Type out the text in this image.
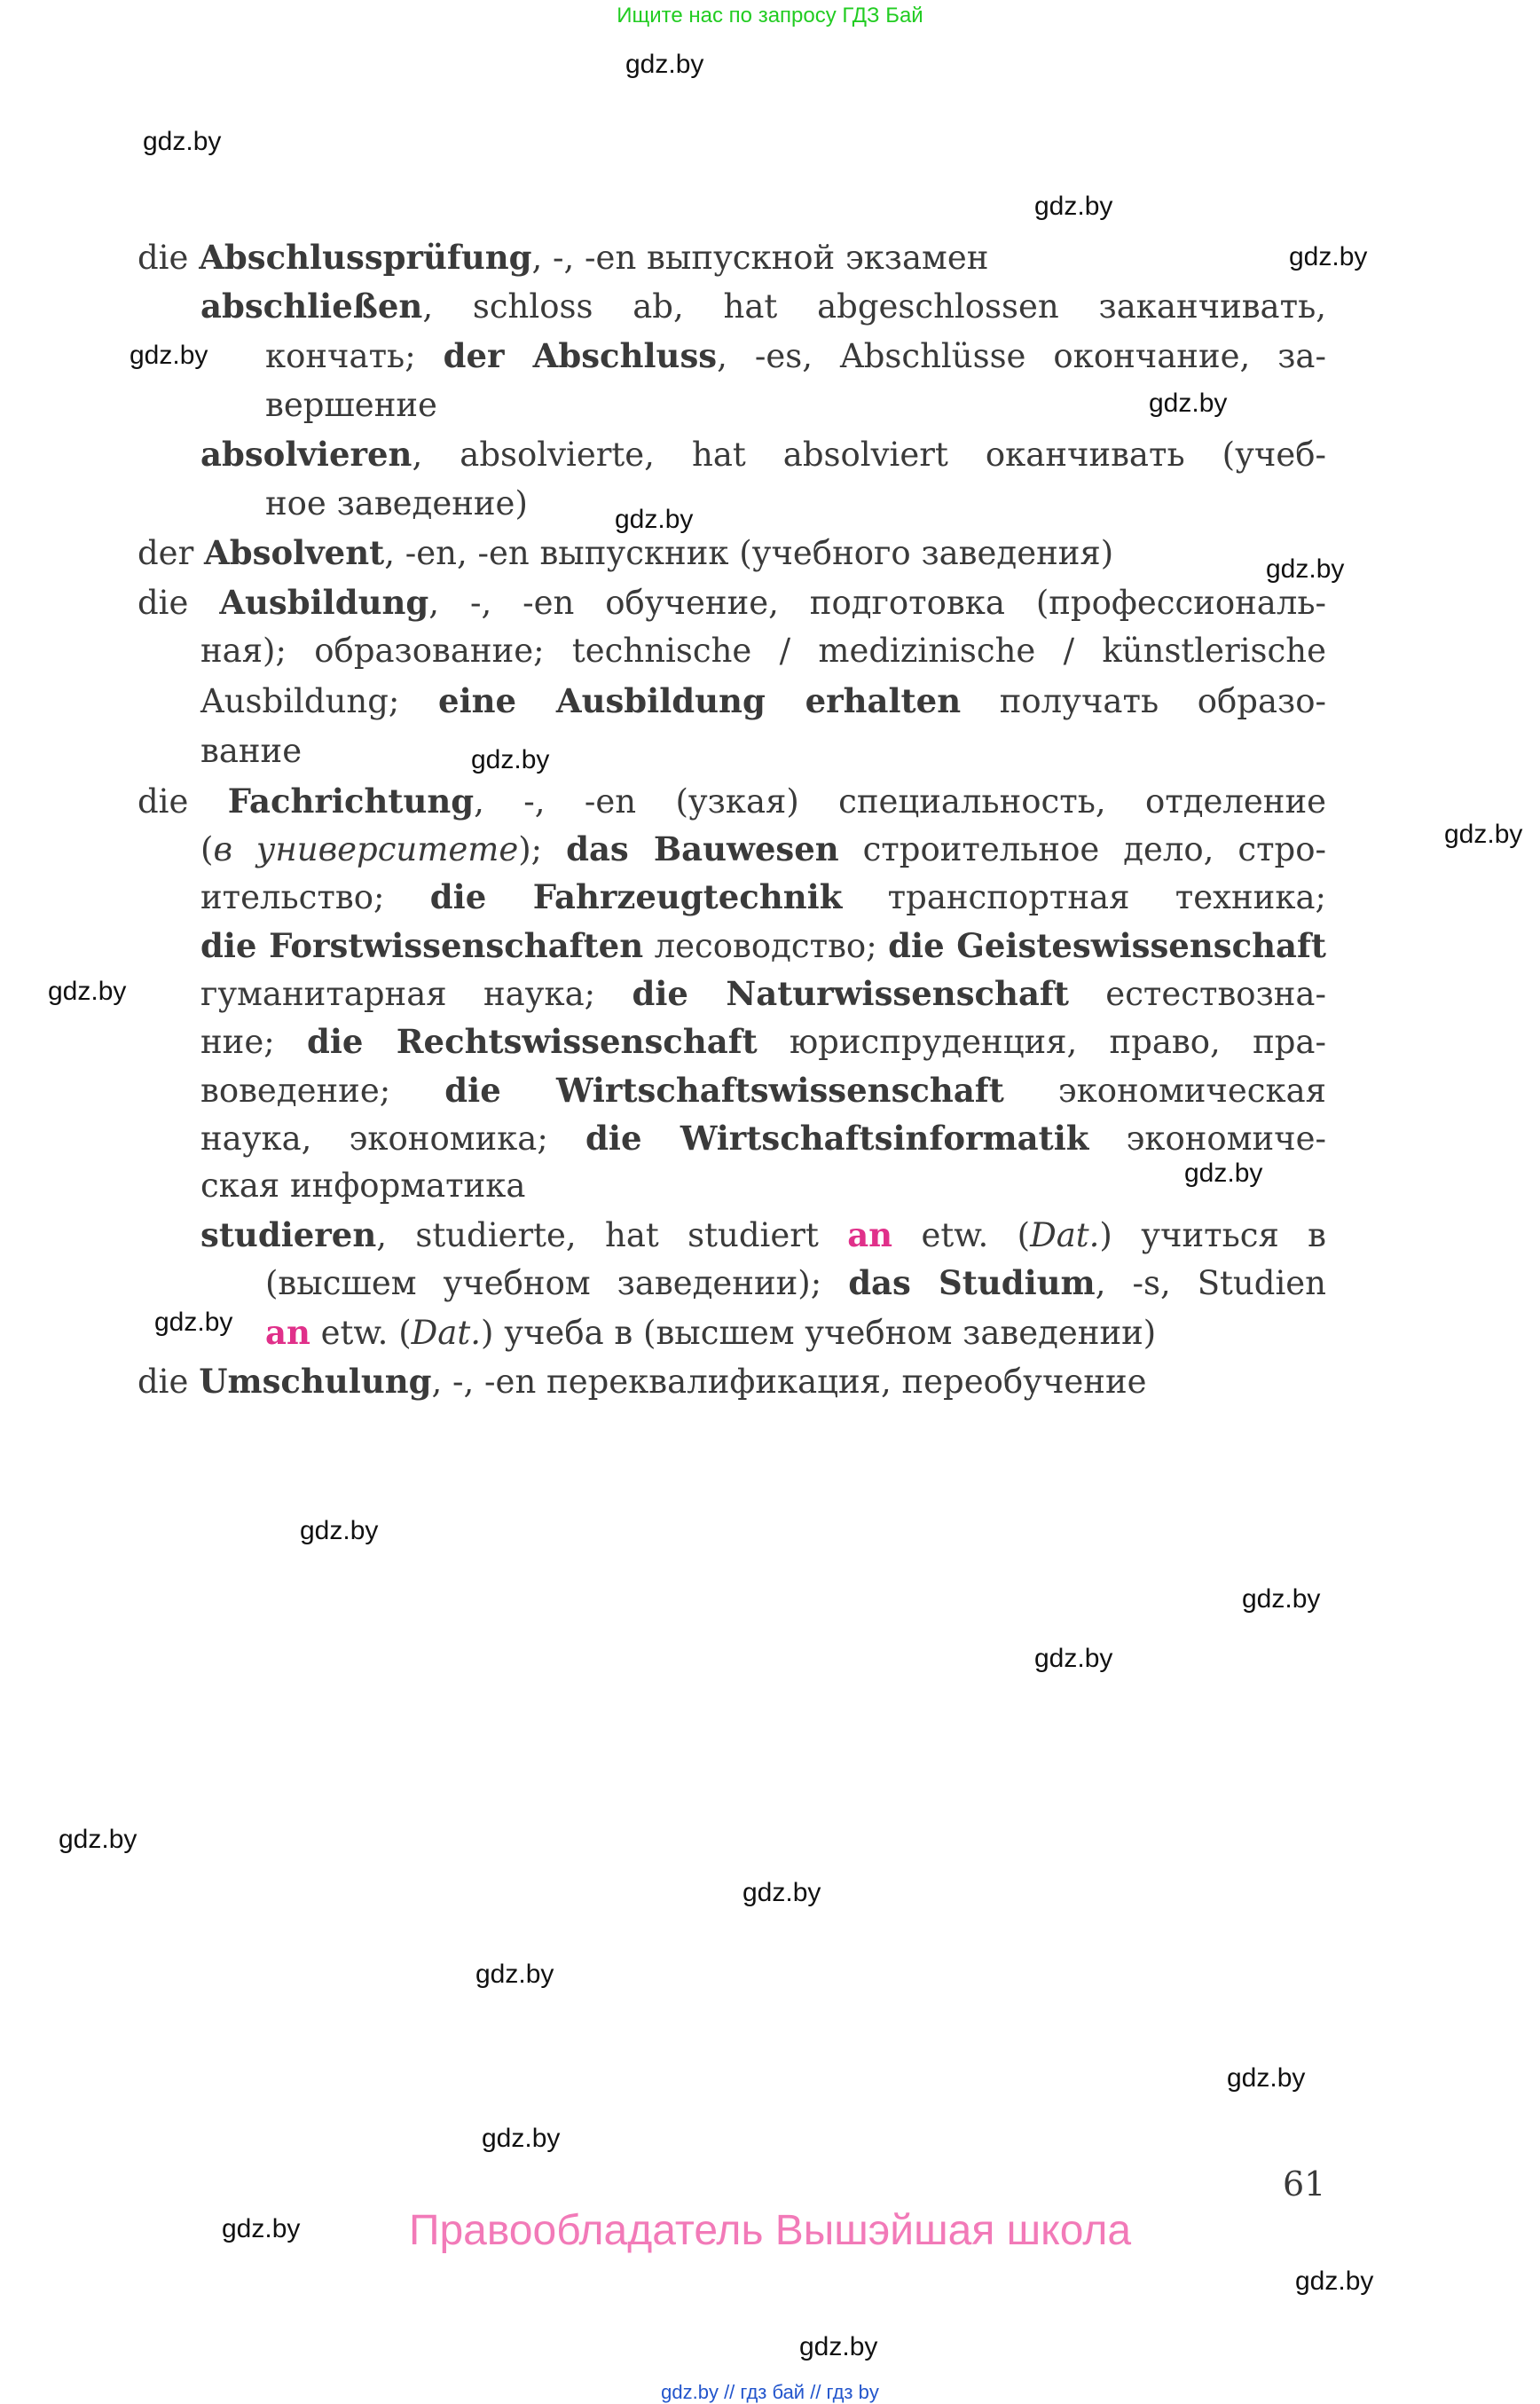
Ищите нас по запросу ГДЗ Бай
gdz.by
gdz.by
gdz.by
gdz.by
gdz.by
gdz.by
gdz.by
gdz.by
gdz.by
gdz.by
gdz.by
gdz.by
gdz.by
gdz.by
gdz.by
gdz.by
gdz.by
gdz.by
gdz.by
gdz.by
gdz.by
gdz.by
gdz.by
gdz.by
die Abschlussprüfung, -, -en выпускной экзамен
abschließen, schloss ab, hat abgeschlossen заканчивать,
кончать; der Abschluss, -es, Abschlüsse окончание, за-
вершение
absolvieren, absolvierte, hat absolviert оканчивать (учеб-
ное заведение)
der Absolvent, -en, -en выпускник (учебного заведения)
die Ausbildung, -, -en обучение, подготовка (профессиональ-
ная); образование; technische / medizinische / künstlerische
Ausbildung; eine Ausbildung erhalten получать образо-
вание
die Fachrichtung, -, -en (узкая) специальность, отделение
(в университете); das Bauwesen строительное дело, стро-
ительство; die Fahrzeugtechnik транспортная техника;
die Forstwissenschaften лесоводство; die Geisteswissenschaft
гуманитарная наука; die Naturwissenschaft естествозна-
ние; die Rechtswissenschaft юриспруденция, право, пра-
воведение; die Wirtschaftswissenschaft экономическая
наука, экономика; die Wirtschaftsinformatik экономиче-
ская информатика
studieren, studierte, hat studiert an etw. (Dat.) учиться в
(высшем учебном заведении); das Studium, -s, Studien
an etw. (Dat.) учеба в (высшем учебном заведении)
die Umschulung, -, -en переквалификация, переобучение
61
Правообладатель Вышэйшая школа
gdz.by // гдз бай // гдз by
